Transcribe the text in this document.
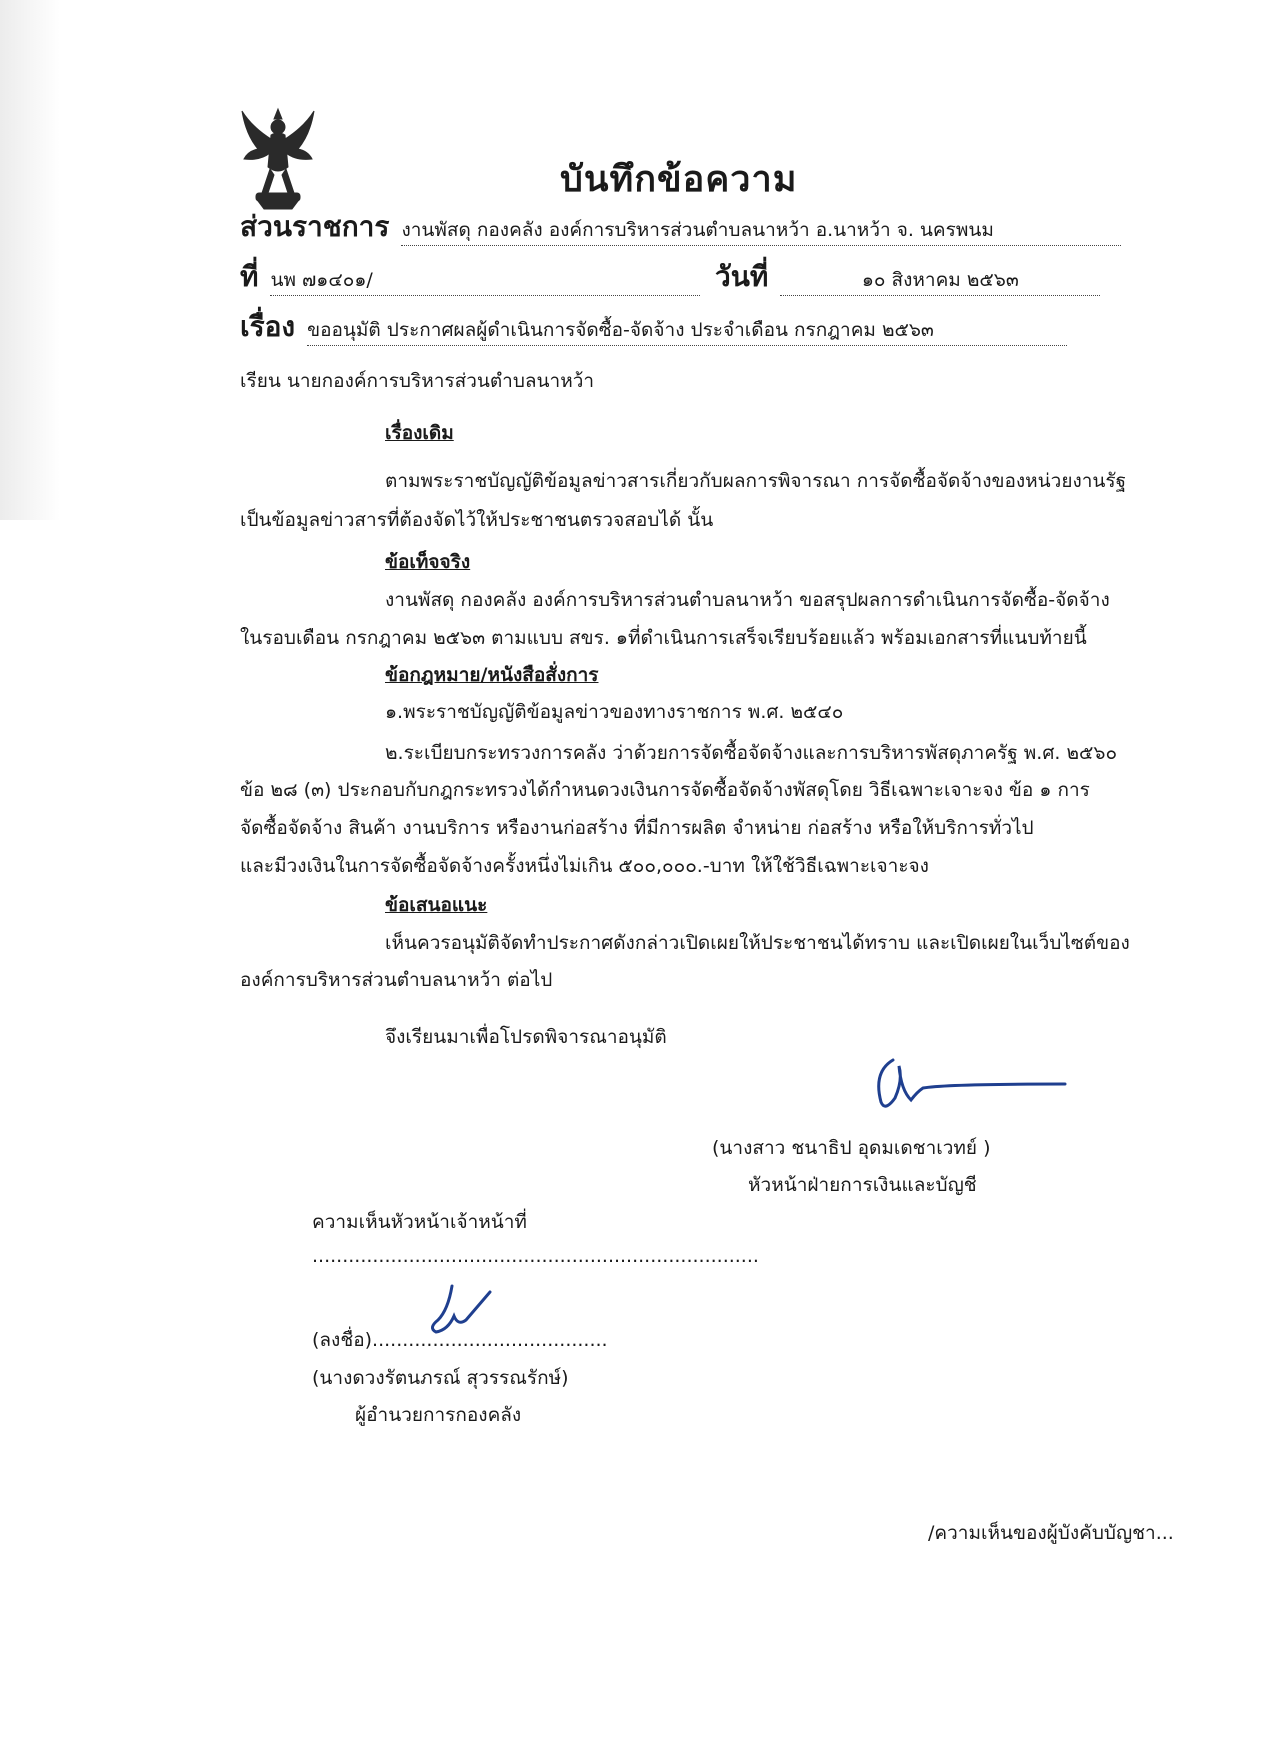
บันทึกข้อความ
ส่วนราชการ งานพัสดุ กองคลัง องค์การบริหารส่วนตำบลนาหว้า อ.นาหว้า จ. นครพนม
ที่ นพ ๗๑๔๐๑/	วันที่	๑๐ สิงหาคม ๒๕๖๓
เรื่อง ขออนุมัติ ประกาศผลผู้ดำเนินการจัดซื้อ-จัดจ้าง ประจำเดือน กรกฎาคม ๒๕๖๓
เรียน นายกองค์การบริหารส่วนตำบลนาหว้า
เรื่องเดิม
ตามพระราชบัญญัติข้อมูลข่าวสารเกี่ยวกับผลการพิจารณา การจัดซื้อจัดจ้างของหน่วยงานรัฐ
เป็นข้อมูลข่าวสารที่ต้องจัดไว้ให้ประชาชนตรวจสอบได้ นั้น
ข้อเท็จจริง
งานพัสดุ กองคลัง องค์การบริหารส่วนตำบลนาหว้า ขอสรุปผลการดำเนินการจัดซื้อ-จัดจ้าง
ในรอบเดือน กรกฎาคม ๒๕๖๓ ตามแบบ สขร. ๑ที่ดำเนินการเสร็จเรียบร้อยแล้ว พร้อมเอกสารที่แนบท้ายนี้
ข้อกฎหมาย/หนังสือสั่งการ
๑.พระราชบัญญัติข้อมูลข่าวของทางราชการ พ.ศ. ๒๕๔๐
๒.ระเบียบกระทรวงการคลัง ว่าด้วยการจัดซื้อจัดจ้างและการบริหารพัสดุภาครัฐ พ.ศ. ๒๕๖๐
ข้อ ๒๘ (๓) ประกอบกับกฎกระทรวงได้กำหนดวงเงินการจัดซื้อจัดจ้างพัสดุโดย วิธีเฉพาะเจาะจง ข้อ ๑ การ
จัดซื้อจัดจ้าง สินค้า งานบริการ หรืองานก่อสร้าง ที่มีการผลิต จำหน่าย ก่อสร้าง หรือให้บริการทั่วไป
และมีวงเงินในการจัดซื้อจัดจ้างครั้งหนึ่งไม่เกิน ๕๐๐,๐๐๐.-บาท ให้ใช้วิธีเฉพาะเจาะจง
ข้อเสนอแนะ
เห็นควรอนุมัติจัดทำประกาศดังกล่าวเปิดเผยให้ประชาชนได้ทราบ และเปิดเผยในเว็บไซต์ของ
องค์การบริหารส่วนตำบลนาหว้า ต่อไป
จึงเรียนมาเพื่อโปรดพิจารณาอนุมัติ
(นางสาว ชนาธิป อุดมเดชาเวทย์ )
หัวหน้าฝ่ายการเงินและบัญชี
ความเห็นหัวหน้าเจ้าหน้าที่
..........................................................................
(ลงชื่อ).......................................
(นางดวงรัตนภรณ์ สุวรรณรักษ์)
ผู้อำนวยการกองคลัง
/ความเห็นของผู้บังคับบัญชา...
